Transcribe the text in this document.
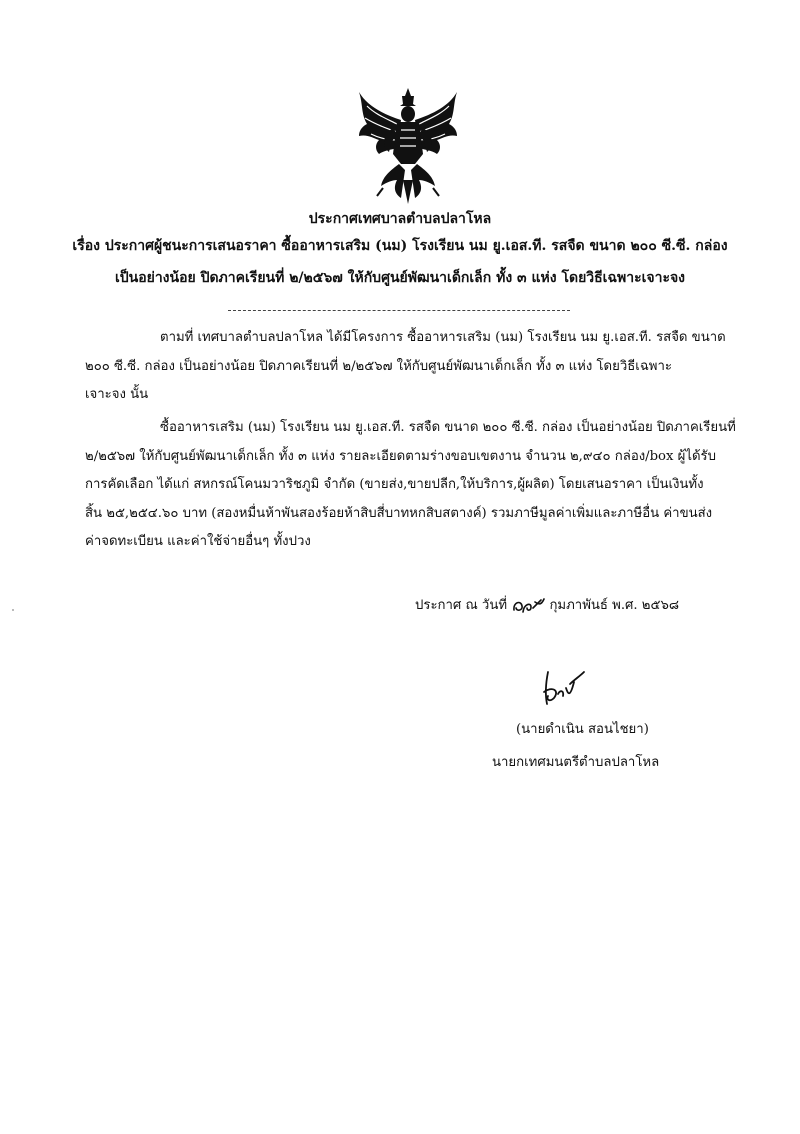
ประกาศเทศบาลตำบลปลาโหล
เรื่อง ประกาศผู้ชนะการเสนอราคา ซื้ออาหารเสริม (นม) โรงเรียน นม ยู.เอส.ที. รสจืด ขนาด ๒๐๐ ซี.ซี. กล่อง
เป็นอย่างน้อย ปิดภาคเรียนที่ ๒/๒๕๖๗ ให้กับศูนย์พัฒนาเด็กเล็ก ทั้ง ๓ แห่ง โดยวิธีเฉพาะเจาะจง
ตามที่ เทศบาลตำบลปลาโหล ได้มีโครงการ ซื้ออาหารเสริม (นม) โรงเรียน นม ยู.เอส.ที. รสจืด ขนาด
๒๐๐ ซี.ซี. กล่อง เป็นอย่างน้อย ปิดภาคเรียนที่ ๒/๒๕๖๗ ให้กับศูนย์พัฒนาเด็กเล็ก ทั้ง ๓ แห่ง โดยวิธีเฉพาะ
เจาะจง นั้น
ซื้ออาหารเสริม (นม) โรงเรียน นม ยู.เอส.ที. รสจืด ขนาด ๒๐๐ ซี.ซี. กล่อง เป็นอย่างน้อย ปิดภาคเรียนที่
๒/๒๕๖๗ ให้กับศูนย์พัฒนาเด็กเล็ก ทั้ง ๓ แห่ง รายละเอียดตามร่างขอบเขตงาน จำนวน ๒,๙๔๐ กล่อง/box ผู้ได้รับ
การคัดเลือก ได้แก่ สหกรณ์โคนมวาริชภูมิ จำกัด (ขายส่ง,ขายปลีก,ให้บริการ,ผู้ผลิต) โดยเสนอราคา เป็นเงินทั้ง
สิ้น ๒๕,๒๕๔.๖๐ บาท (สองหมื่นห้าพันสองร้อยห้าสิบสี่บาทหกสิบสตางค์) รวมภาษีมูลค่าเพิ่มและภาษีอื่น ค่าขนส่ง
ค่าจดทะเบียน และค่าใช้จ่ายอื่นๆ ทั้งปวง
ประกาศ ณ วันที่	กุมภาพันธ์ พ.ศ. ๒๕๖๘
(นายดำเนิน สอนไชยา)
นายกเทศมนตรีตำบลปลาโหล
